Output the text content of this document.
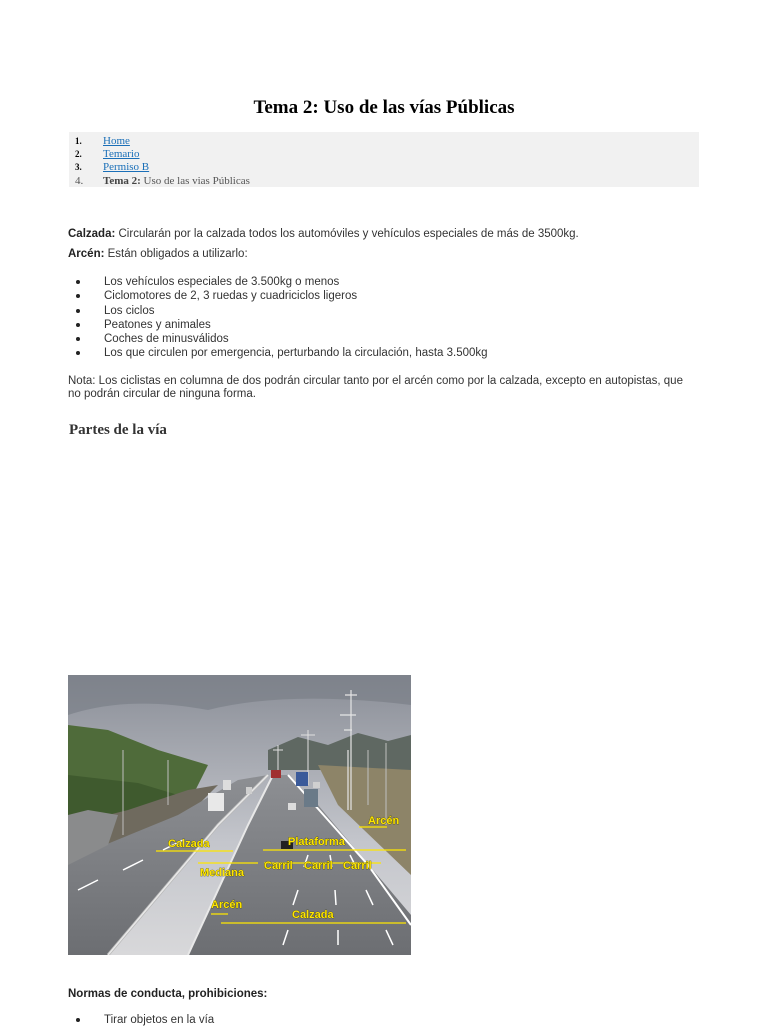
Tema 2: Uso de las vías Públicas
1.	Home
2.	Temario
3.	Permiso B
4.	Tema 2: Uso de las vias Públicas
Calzada: Circularán por la calzada todos los automóviles y vehículos especiales de más de 3500kg.
Arcén: Están obligados a utilizarlo:
Los vehículos especiales de 3.500kg o menos
Ciclomotores de 2, 3 ruedas y cuadriciclos ligeros
Los ciclos
Peatones y animales
Coches de minusválidos
Los que circulen por emergencia, perturbando la circulación, hasta 3.500kg
Nota: Los ciclistas en columna de dos podrán circular tanto por el arcén como por la calzada, excepto en autopistas, que no podrán circular de ninguna forma.
Partes de la vía
Arcén
Calzada	Plataforma
Carril Carril Carril
Mediana
Arcén
Calzada
Normas de conducta, prohibiciones:
Tirar objetos en la vía
